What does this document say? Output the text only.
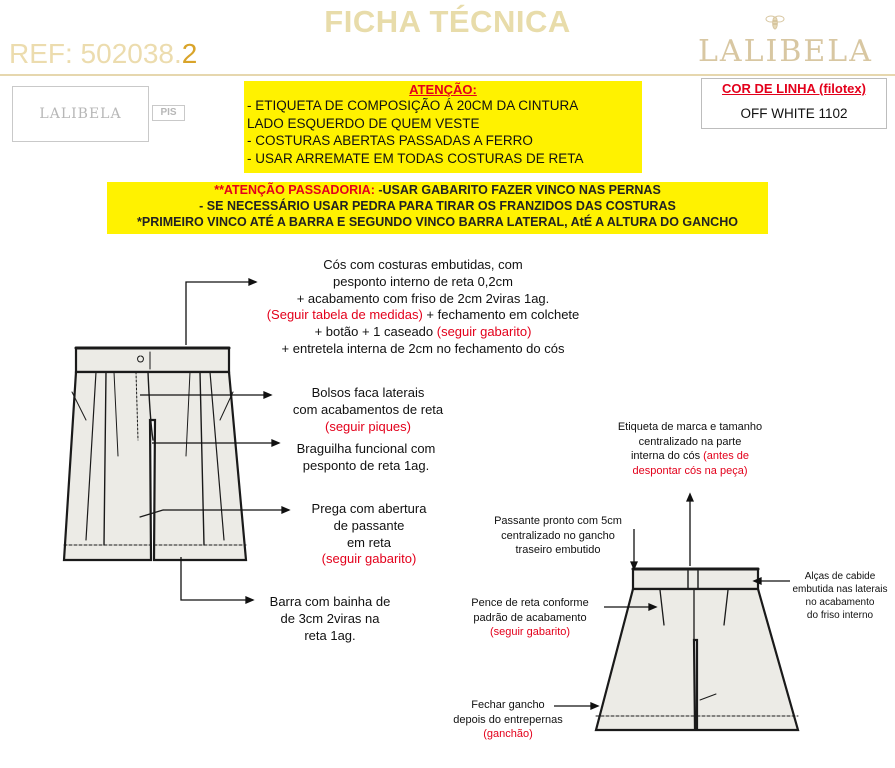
FICHA TÉCNICA
REF: 502038.2	LALIBELA
LALIBELA	PIS
ATENÇÃO:
- ETIQUETA DE COMPOSIÇÃO Á 20CM DA CINTURA
LADO ESQUERDO DE QUEM VESTE
- COSTURAS ABERTAS PASSADAS A FERRO
- USAR ARREMATE EM TODAS COSTURAS DE RETA
COR DE LINHA (filotex)
OFF WHITE 1102
**ATENÇÃO PASSADORIA: -USAR GABARITO FAZER VINCO NAS PERNAS
- SE NECESSÁRIO USAR PEDRA PARA TIRAR OS FRANZIDOS DAS COSTURAS
*PRIMEIRO VINCO ATÉ A BARRA E SEGUNDO VINCO BARRA LATERAL, AtÉ A ALTURA DO GANCHO
Cós com costuras embutidas, com
pesponto interno de reta 0,2cm
+ acabamento com friso de 2cm 2viras 1ag.
(Seguir tabela de medidas) + fechamento em colchete
+ botão + 1 caseado (seguir gabarito)
+ entretela interna de 2cm no fechamento do cós
Bolsos faca laterais
com acabamentos de reta
(seguir piques)
Braguilha funcional com
pesponto de reta 1ag.
Prega com abertura
de passante
em reta
(seguir gabarito)
Barra com bainha de
de 3cm 2viras na
reta 1ag.
Etiqueta de marca e tamanho
centralizado na parte
interna do cós (antes de
despontar cós na peça)
Passante pronto com 5cm
centralizado no gancho
traseiro embutido
Alças de cabide
embutida nas laterais
no acabamento
do friso interno
Pence de reta conforme
padrão de acabamento
(seguir gabarito)
Fechar gancho
depois do entrepernas
(ganchão)
